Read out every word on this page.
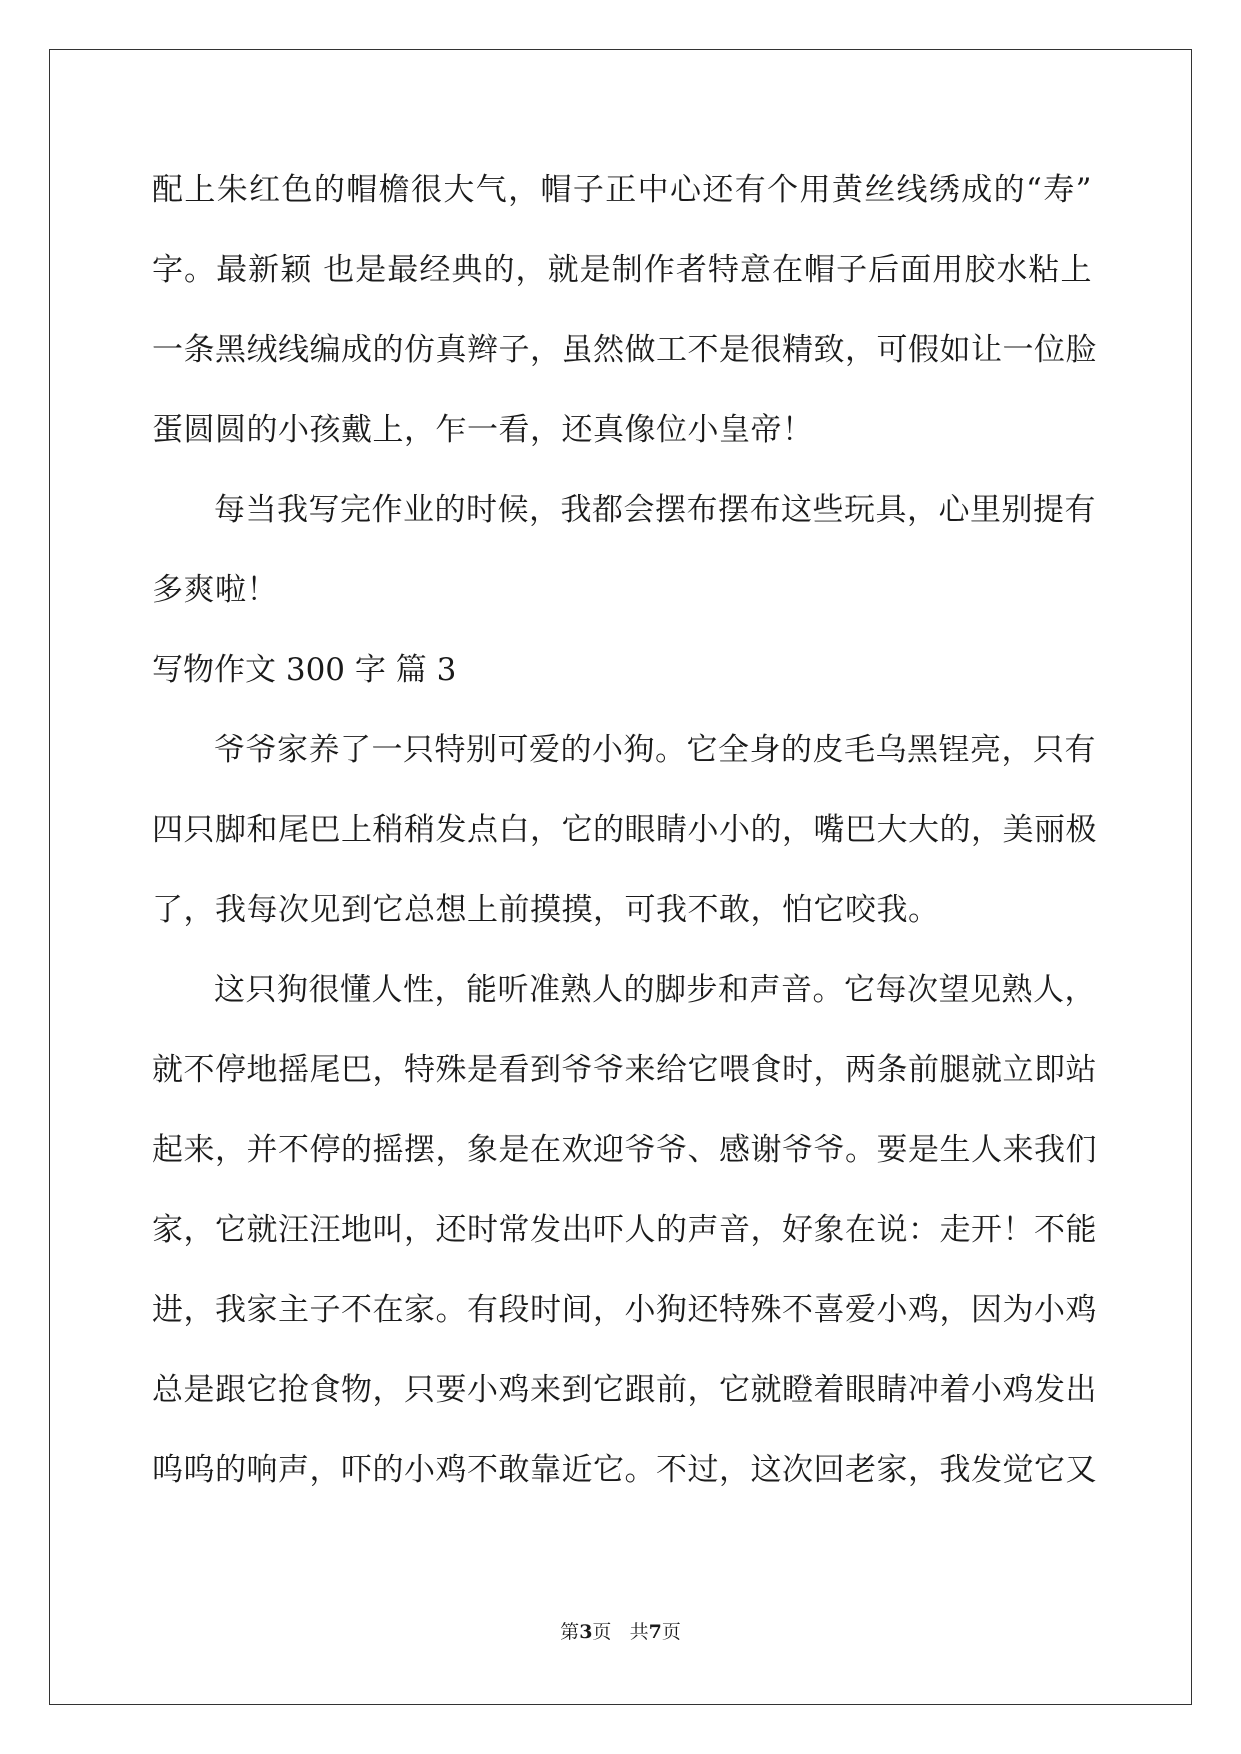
配上朱红色的帽檐很大气，帽子正中心还有个用黄丝线绣成的“寿”
字。最新颖 也是最经典的，就是制作者特意在帽子后面用胶水粘上
一条黑绒线编成的仿真辫子，虽然做工不是很精致，可假如让一位脸
蛋圆圆的小孩戴上，乍一看，还真像位小皇帝！
每当我写完作业的时候，我都会摆布摆布这些玩具，心里别提有
多爽啦！
写物作文 300 字 篇 3
爷爷家养了一只特别可爱的小狗。它全身的皮毛乌黑锃亮，只有
四只脚和尾巴上稍稍发点白，它的眼睛小小的，嘴巴大大的，美丽极
了，我每次见到它总想上前摸摸，可我不敢，怕它咬我。
这只狗很懂人性，能听准熟人的脚步和声音。它每次望见熟人，
就不停地摇尾巴，特殊是看到爷爷来给它喂食时，两条前腿就立即站
起来，并不停的摇摆，象是在欢迎爷爷、感谢爷爷。要是生人来我们
家，它就汪汪地叫，还时常发出吓人的声音，好象在说：走开！不能
进，我家主子不在家。有段时间，小狗还特殊不喜爱小鸡，因为小鸡
总是跟它抢食物，只要小鸡来到它跟前，它就瞪着眼睛冲着小鸡发出
呜呜的响声，吓的小鸡不敢靠近它。不过，这次回老家，我发觉它又
第3页 共7页
